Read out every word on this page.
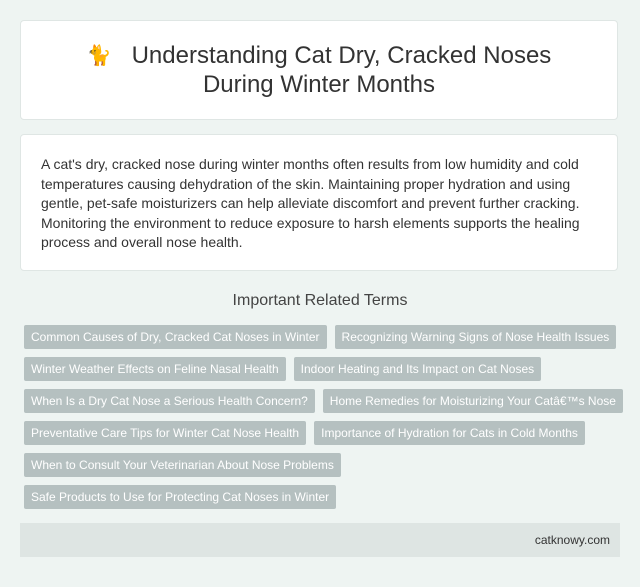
🐈 Understanding Cat Dry, Cracked Noses During Winter Months

A cat's dry, cracked nose during winter months often results from low humidity and cold temperatures causing dehydration of the skin. Maintaining proper hydration and using gentle, pet-safe moisturizers can help alleviate discomfort and prevent further cracking. Monitoring the environment to reduce exposure to harsh elements supports the healing process and overall nose health.

Important Related Terms
Common Causes of Dry, Cracked Cat Noses in Winter	Recognizing Warning Signs of Nose Health Issues
Winter Weather Effects on Feline Nasal Health	Indoor Heating and Its Impact on Cat Noses
When Is a Dry Cat Nose a Serious Health Concern?	Home Remedies for Moisturizing Your Catâ€™s Nose
Preventative Care Tips for Winter Cat Nose Health	Importance of Hydration for Cats in Cold Months
When to Consult Your Veterinarian About Nose Problems
Safe Products to Use for Protecting Cat Noses in Winter
catknowy.com
